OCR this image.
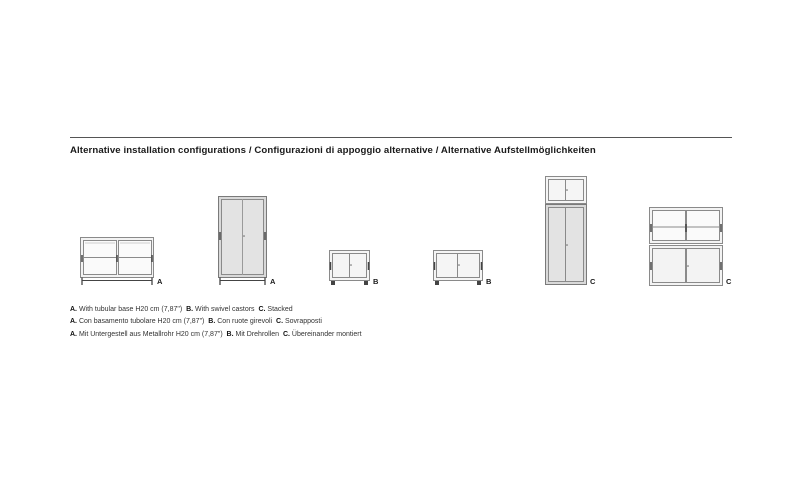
Alternative installation configurations / Configurazioni di appoggio alternative / Alternative Aufstellmöglichkeiten
A	A	B	B	C	C
A. With tubular base H20 cm (7,87") B. With swivel castors C. Stacked
A. Con basamento tubolare H20 cm (7,87") B. Con ruote girevoli C. Sovrapposti
A. Mit Untergestell aus Metallrohr H20 cm (7,87") B. Mit Drehrollen C. Übereinander montiert
